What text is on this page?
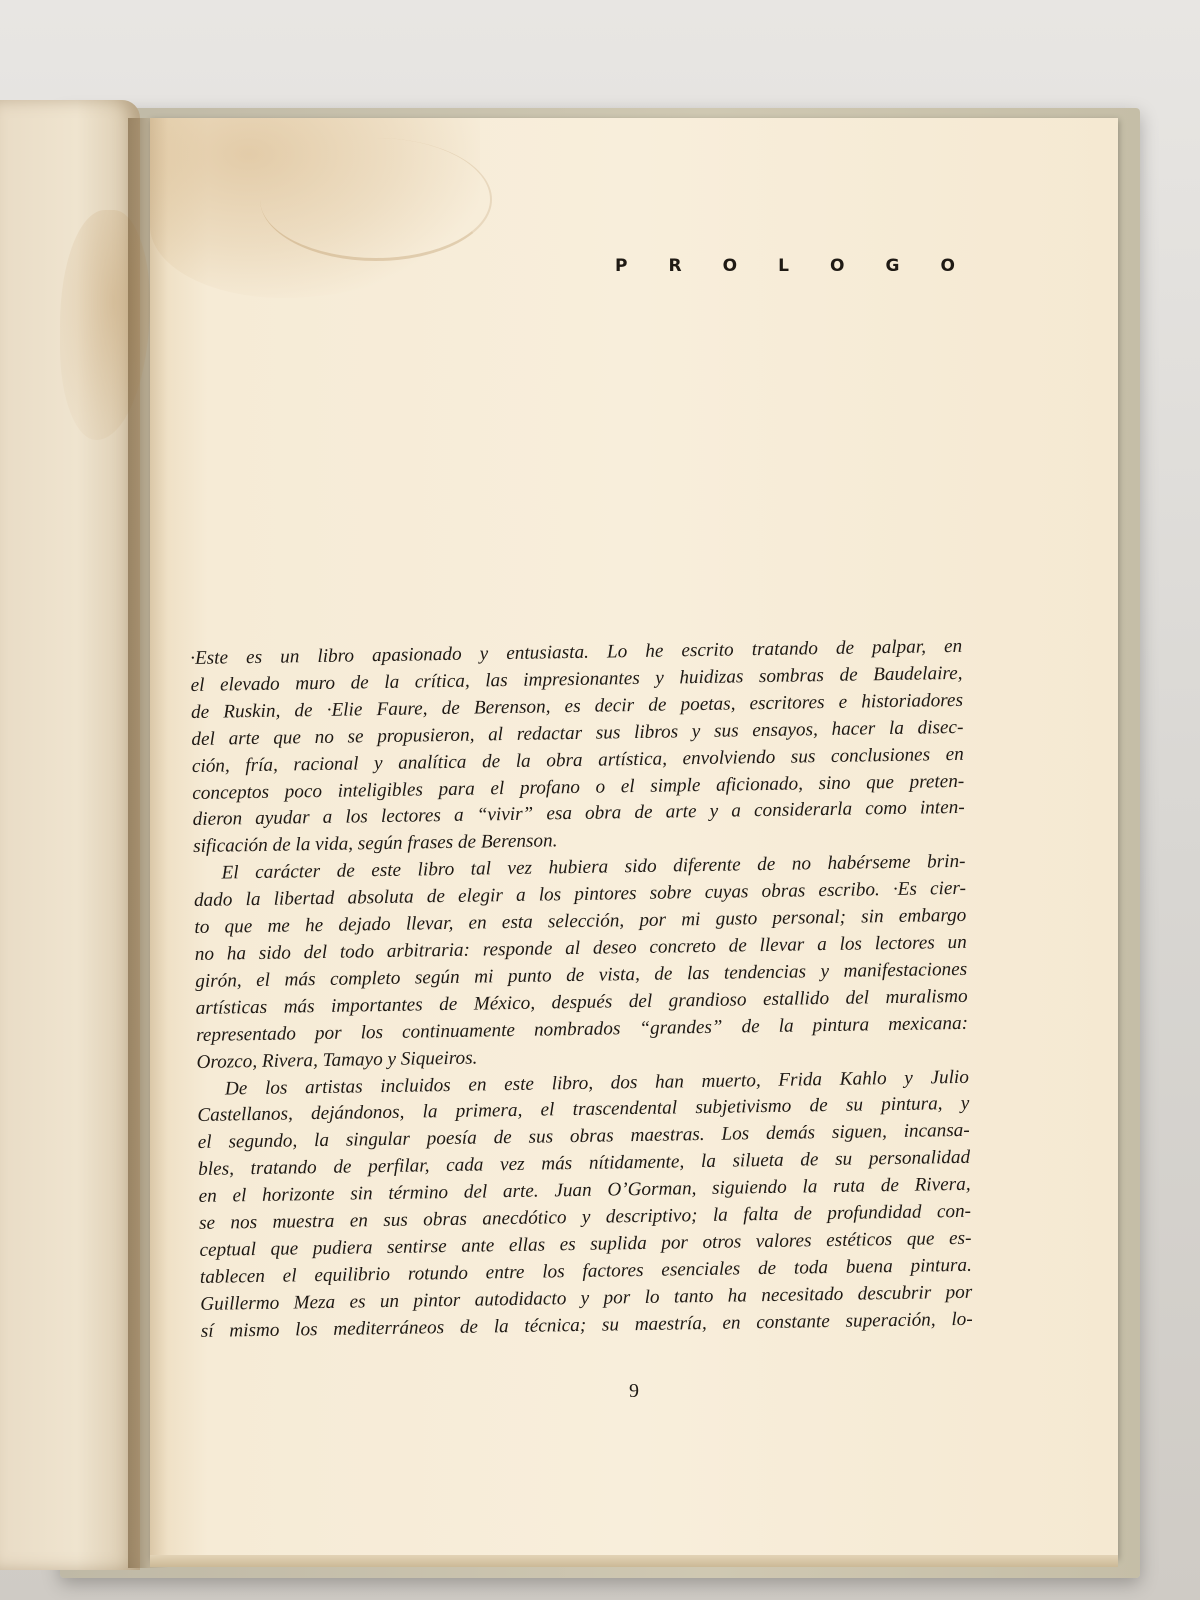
P R O L O G O
·Este es un libro apasionado y entusiasta. Lo he escrito tratando de palpar, en
el elevado muro de la crítica, las impresionantes y huidizas sombras de Baudelaire,
de Ruskin, de ·Elie Faure, de Berenson, es decir de poetas, escritores e historiadores
del arte que no se propusieron, al redactar sus libros y sus ensayos, hacer la disec-
ción, fría, racional y analítica de la obra artística, envolviendo sus conclusiones en
conceptos poco inteligibles para el profano o el simple aficionado, sino que preten-
dieron ayudar a los lectores a “vivir” esa obra de arte y a considerarla como inten-
sificación de la vida, según frases de Berenson.
El carácter de este libro tal vez hubiera sido diferente de no habérseme brin-
dado la libertad absoluta de elegir a los pintores sobre cuyas obras escribo. ·Es cier-
to que me he dejado llevar, en esta selección, por mi gusto personal; sin embargo
no ha sido del todo arbitraria: responde al deseo concreto de llevar a los lectores un
girón, el más completo según mi punto de vista, de las tendencias y manifestaciones
artísticas más importantes de México, después del grandioso estallido del muralismo
representado por los continuamente nombrados “grandes” de la pintura mexicana:
Orozco, Rivera, Tamayo y Siqueiros.
De los artistas incluidos en este libro, dos han muerto, Frida Kahlo y Julio
Castellanos, dejándonos, la primera, el trascendental subjetivismo de su pintura, y
el segundo, la singular poesía de sus obras maestras. Los demás siguen, incansa-
bles, tratando de perfilar, cada vez más nítidamente, la silueta de su personalidad
en el horizonte sin término del arte. Juan O’Gorman, siguiendo la ruta de Rivera,
se nos muestra en sus obras anecdótico y descriptivo; la falta de profundidad con-
ceptual que pudiera sentirse ante ellas es suplida por otros valores estéticos que es-
tablecen el equilibrio rotundo entre los factores esenciales de toda buena pintura.
Guillermo Meza es un pintor autodidacto y por lo tanto ha necesitado descubrir por
sí mismo los mediterráneos de la técnica; su maestría, en constante superación, lo-
9
